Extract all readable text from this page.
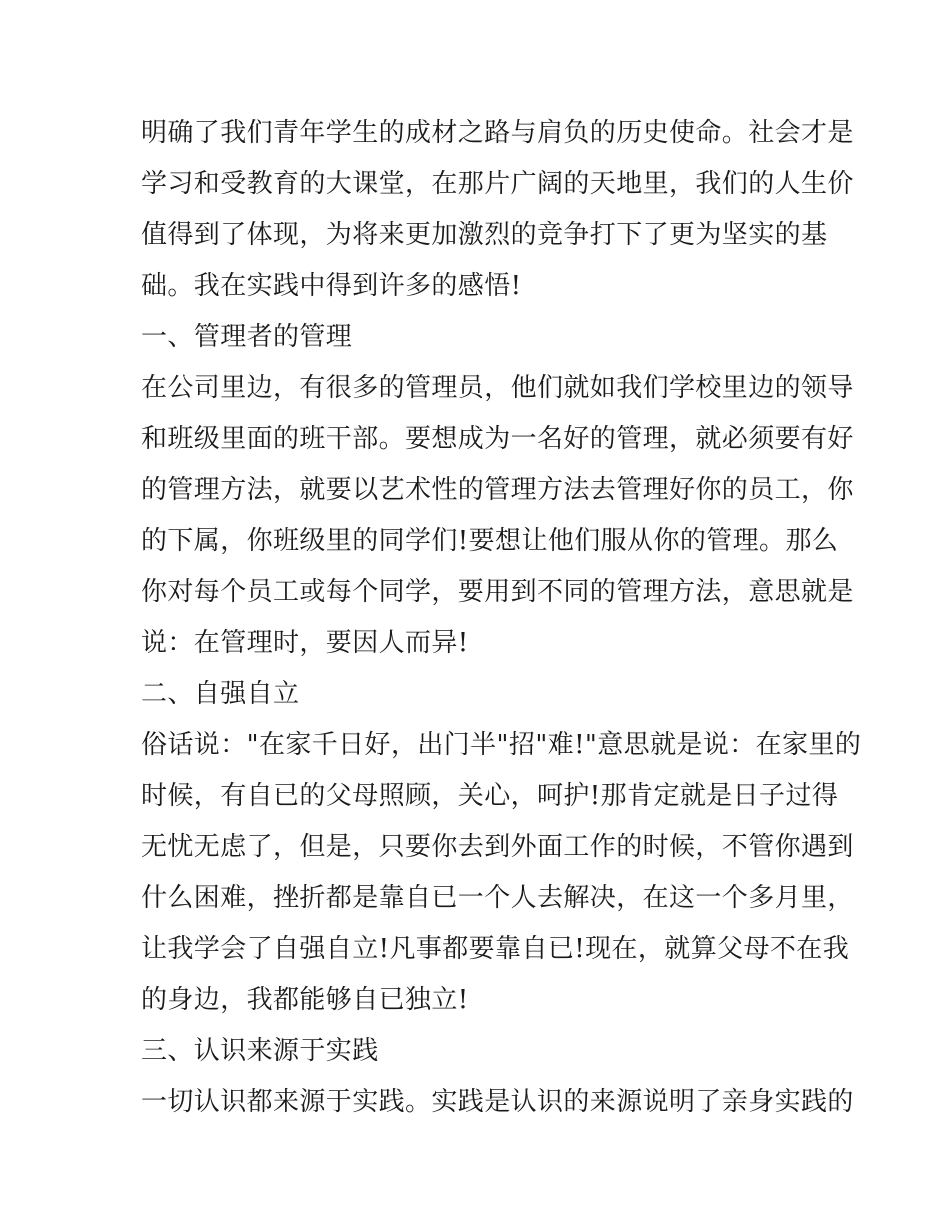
明确了我们青年学生的成材之路与肩负的历史使命。社会才是
学习和受教育的大课堂，在那片广阔的天地里，我们的人生价
值得到了体现，为将来更加激烈的竞争打下了更为坚实的基
础。我在实践中得到许多的感悟!
一、管理者的管理
在公司里边，有很多的管理员，他们就如我们学校里边的领导
和班级里面的班干部。要想成为一名好的管理，就必须要有好
的管理方法，就要以艺术性的管理方法去管理好你的员工，你
的下属，你班级里的同学们!要想让他们服从你的管理。那么
你对每个员工或每个同学，要用到不同的管理方法，意思就是
说：在管理时，要因人而异!
二、自强自立
俗话说："在家千日好，出门半"招"难!"意思就是说：在家里的
时候，有自已的父母照顾，关心，呵护!那肯定就是日子过得
无忧无虑了，但是，只要你去到外面工作的时候，不管你遇到
什么困难，挫折都是靠自已一个人去解决，在这一个多月里，
让我学会了自强自立!凡事都要靠自已!现在，就算父母不在我
的身边，我都能够自已独立!
三、认识来源于实践
一切认识都来源于实践。实践是认识的来源说明了亲身实践的
